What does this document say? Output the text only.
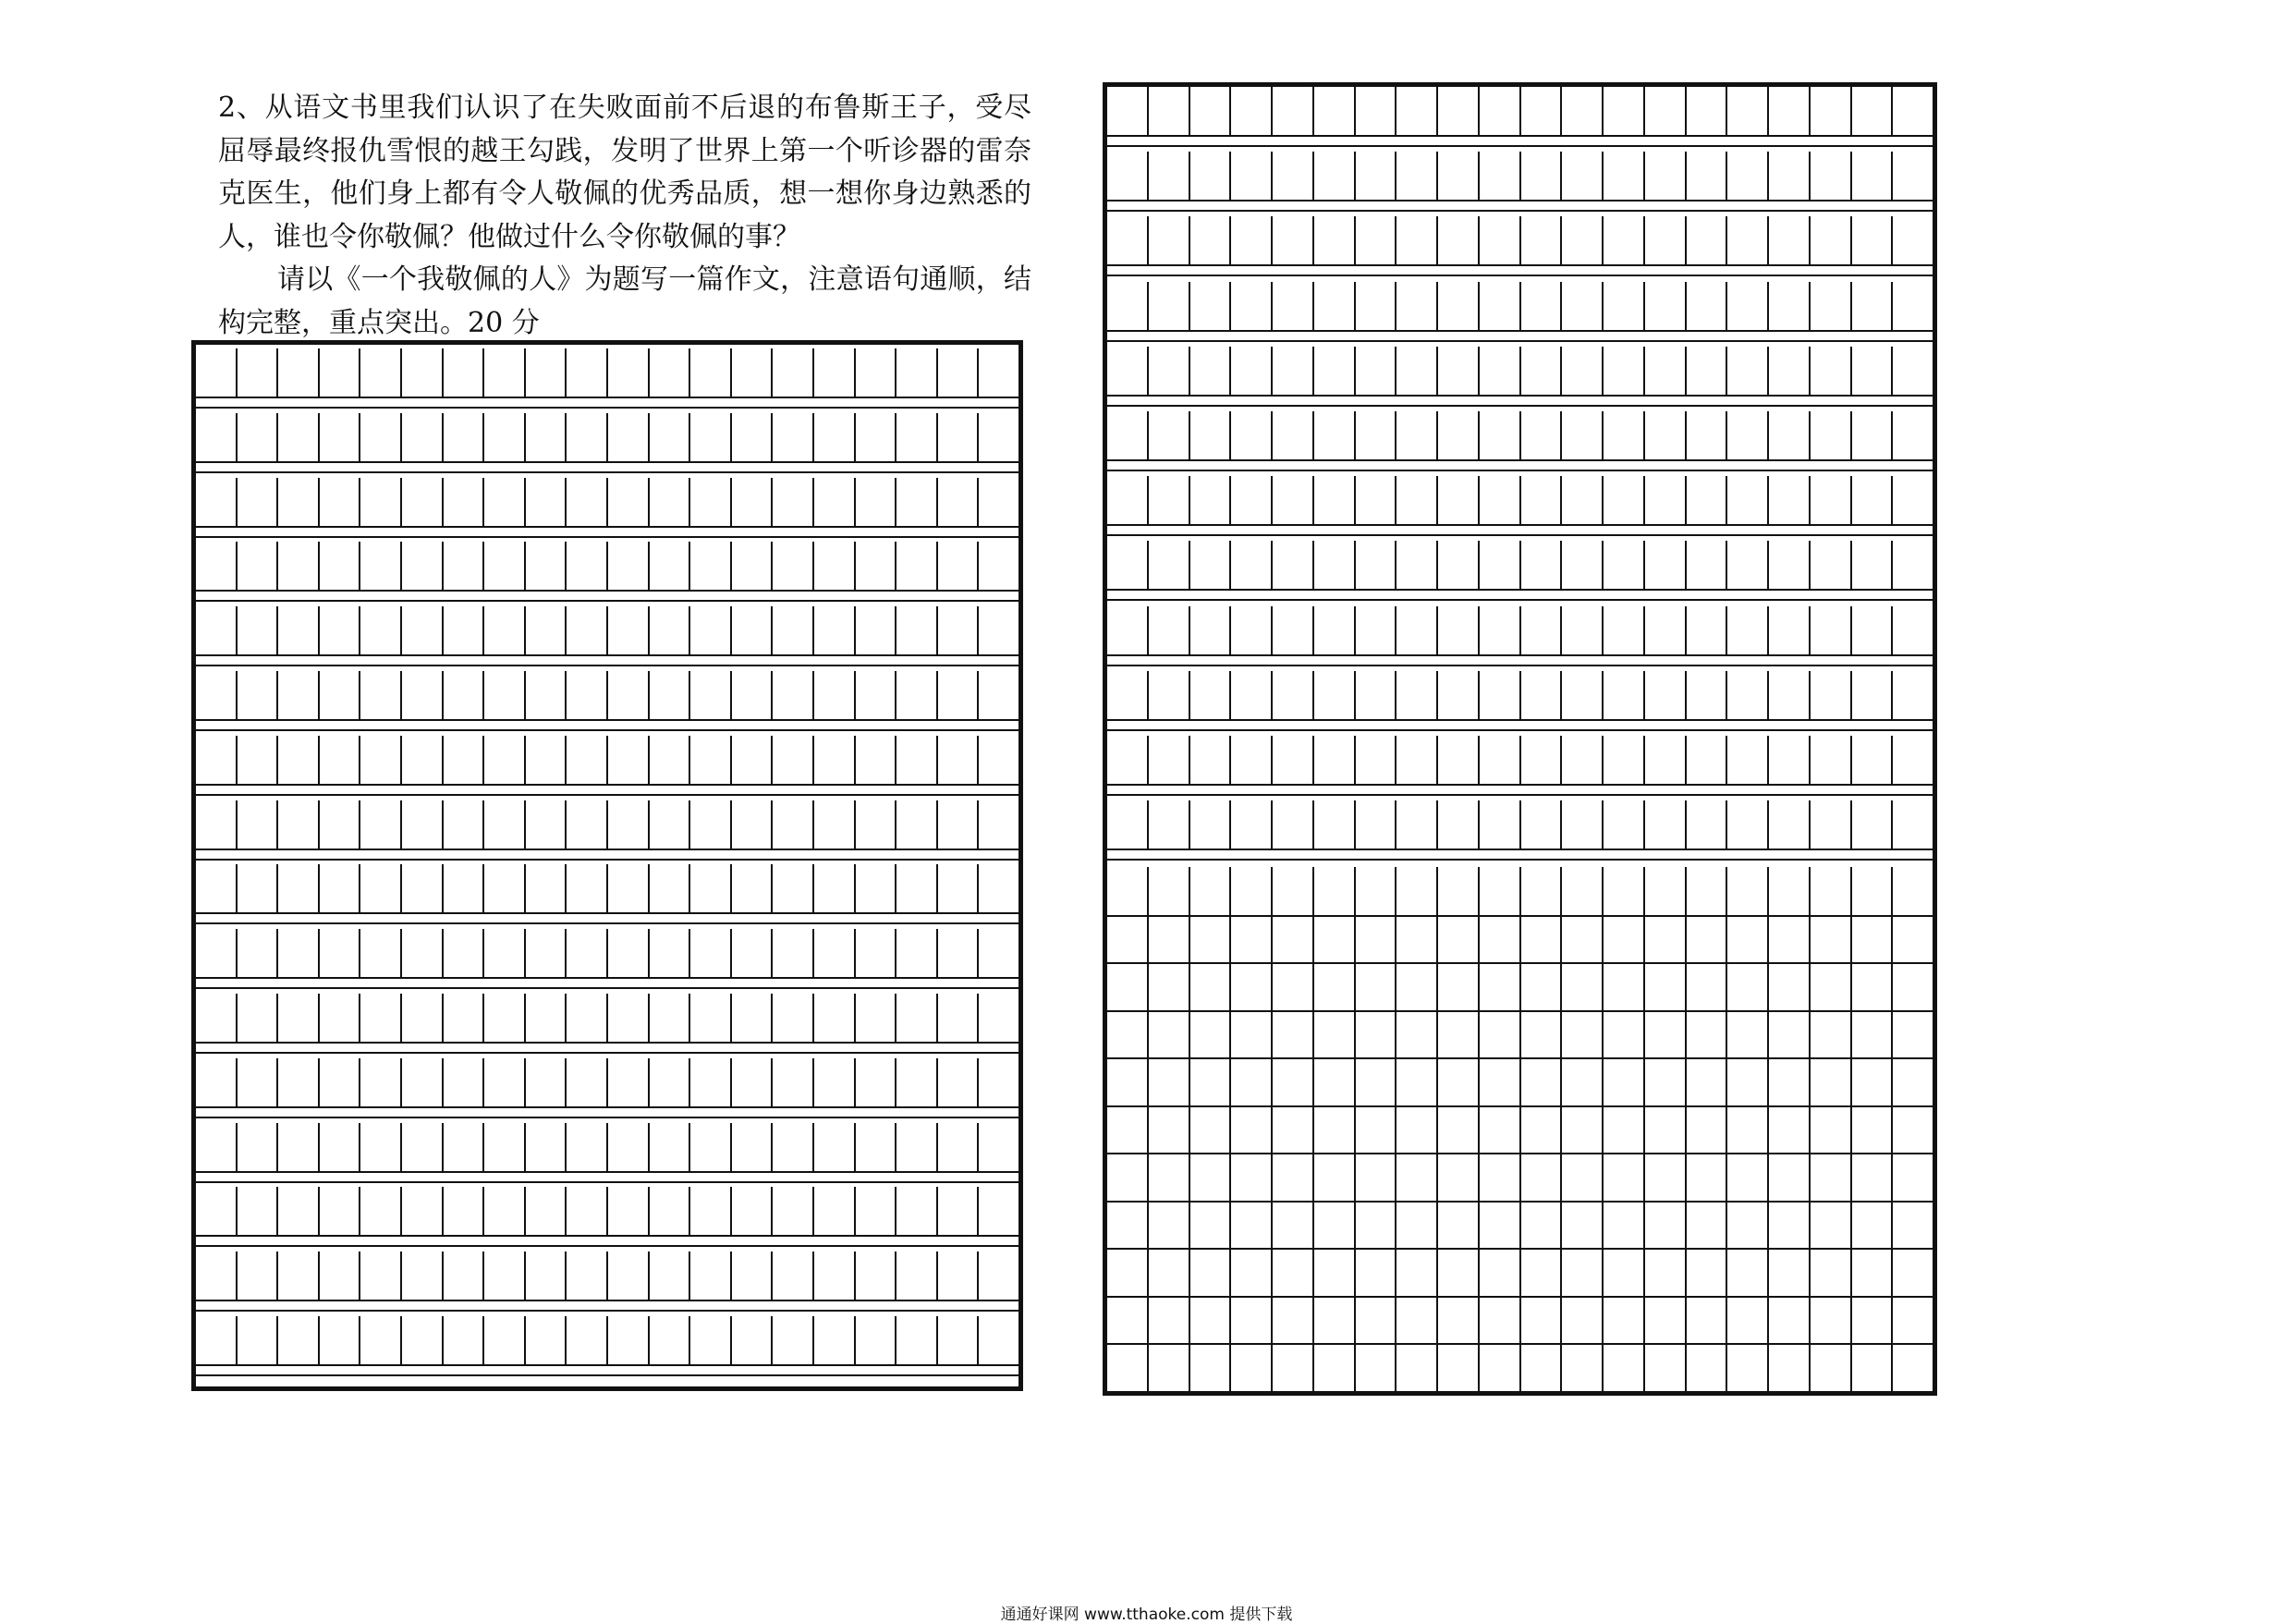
2、从语文书里我们认识了在失败面前不后退的布鲁斯王子，受尽屈辱最终报仇雪恨的越王勾践，发明了世界上第一个听诊器的雷奈克医生，他们身上都有令人敬佩的优秀品质，想一想你身边熟悉的人，谁也令你敬佩？他做过什么令你敬佩的事？

请以《一个我敬佩的人》为题写一篇作文，注意语句通顺，结构完整，重点突出。20 分

通通好课网 www.tthaoke.com 提供下载
